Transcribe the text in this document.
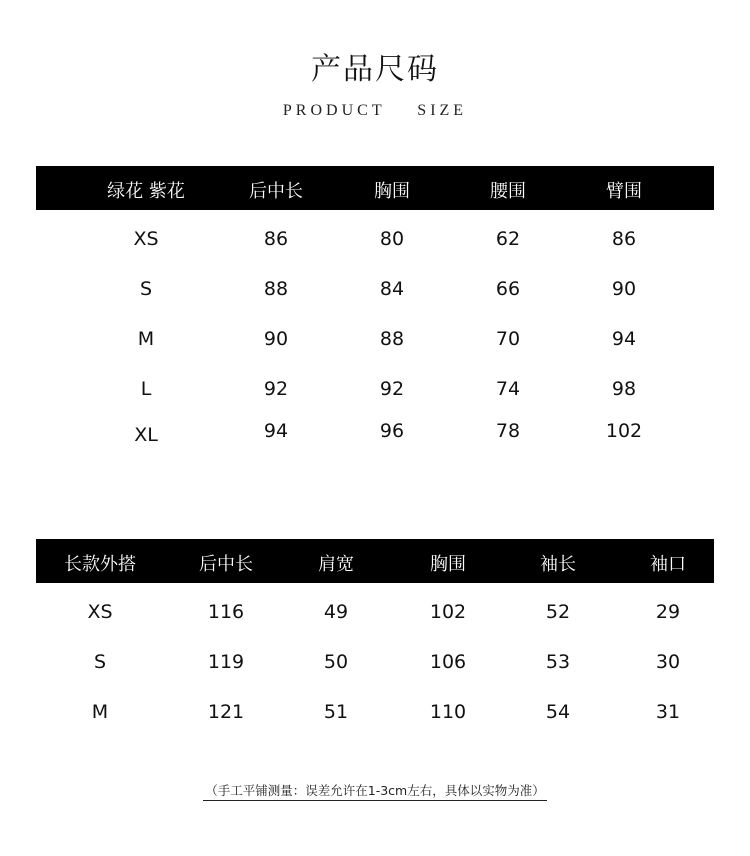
产品尺码
PRODUCT    SIZE
绿花 紫花	后中长	胸围	腰围	臂围
XS	86	80	62	86
S	88	84	66	90
M	90	88	70	94
L	92	92	74	98
XL	94	96	78	102
长款外搭	后中长	肩宽	胸围	袖长	袖口
XS	116	49	102	52	29
S	119	50	106	53	30
M	121	51	110	54	31
（手工平铺测量：误差允许在1-3cm左右，具体以实物为准）
